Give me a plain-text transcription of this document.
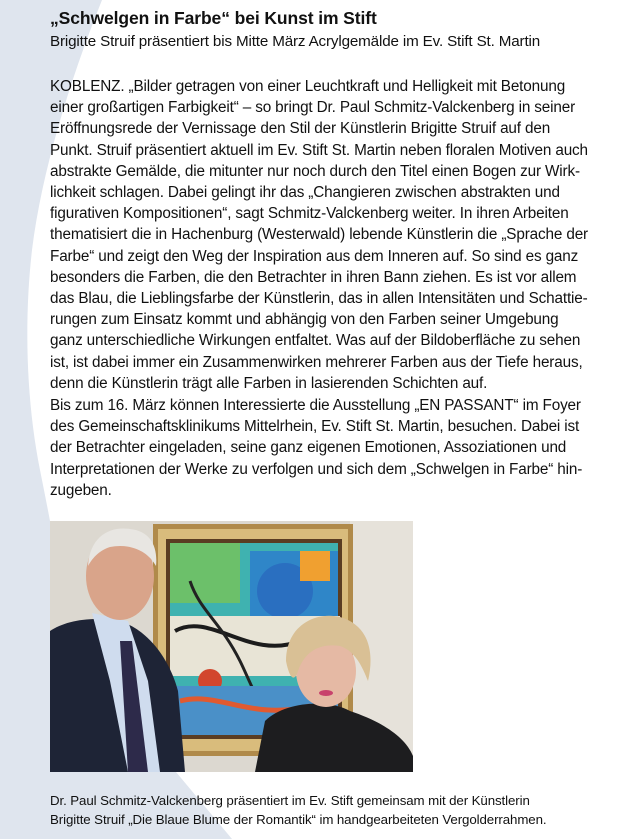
„Schwelgen in Farbe“ bei Kunst im Stift
Brigitte Struif präsentiert bis Mitte März Acrylgemälde im Ev. Stift St. Martin
KOBLENZ. „Bilder getragen von einer Leuchtkraft und Helligkeit mit Betonung
einer großartigen Farbigkeit“ – so bringt Dr. Paul Schmitz-Valckenberg in seiner
Eröffnungsrede der Vernissage den Stil der Künstlerin Brigitte Struif auf den
Punkt. Struif präsentiert aktuell im Ev. Stift St. Martin neben floralen Motiven auch
abstrakte Gemälde, die mitunter nur noch durch den Titel einen Bogen zur Wirk-
lichkeit schlagen. Dabei gelingt ihr das „Changieren zwischen abstrakten und
figurativen Kompositionen“, sagt Schmitz-Valckenberg weiter. In ihren Arbeiten
thematisiert die in Hachenburg (Westerwald) lebende Künstlerin die „Sprache der
Farbe“ und zeigt den Weg der Inspiration aus dem Inneren auf. So sind es ganz
besonders die Farben, die den Betrachter in ihren Bann ziehen. Es ist vor allem
das Blau, die Lieblingsfarbe der Künstlerin, das in allen Intensitäten und Schattie-
rungen zum Einsatz kommt und abhängig von den Farben seiner Umgebung
ganz unterschiedliche Wirkungen entfaltet. Was auf der Bildoberfläche zu sehen
ist, ist dabei immer ein Zusammenwirken mehrerer Farben aus der Tiefe heraus,
denn die Künstlerin trägt alle Farben in lasierenden Schichten auf.
Bis zum 16. März können Interessierte die Ausstellung „EN PASSANT“ im Foyer
des Gemeinschaftsklinikums Mittelrhein, Ev. Stift St. Martin, besuchen. Dabei ist
der Betrachter eingeladen, seine ganz eigenen Emotionen, Assoziationen und
Interpretationen der Werke zu verfolgen und sich dem „Schwelgen in Farbe“ hin-
zugeben.
Dr. Paul Schmitz-Valckenberg präsentiert im Ev. Stift gemeinsam mit der Künstlerin
Brigitte Struif „Die Blaue Blume der Romantik“ im handgearbeiteten Vergolderrahmen.
